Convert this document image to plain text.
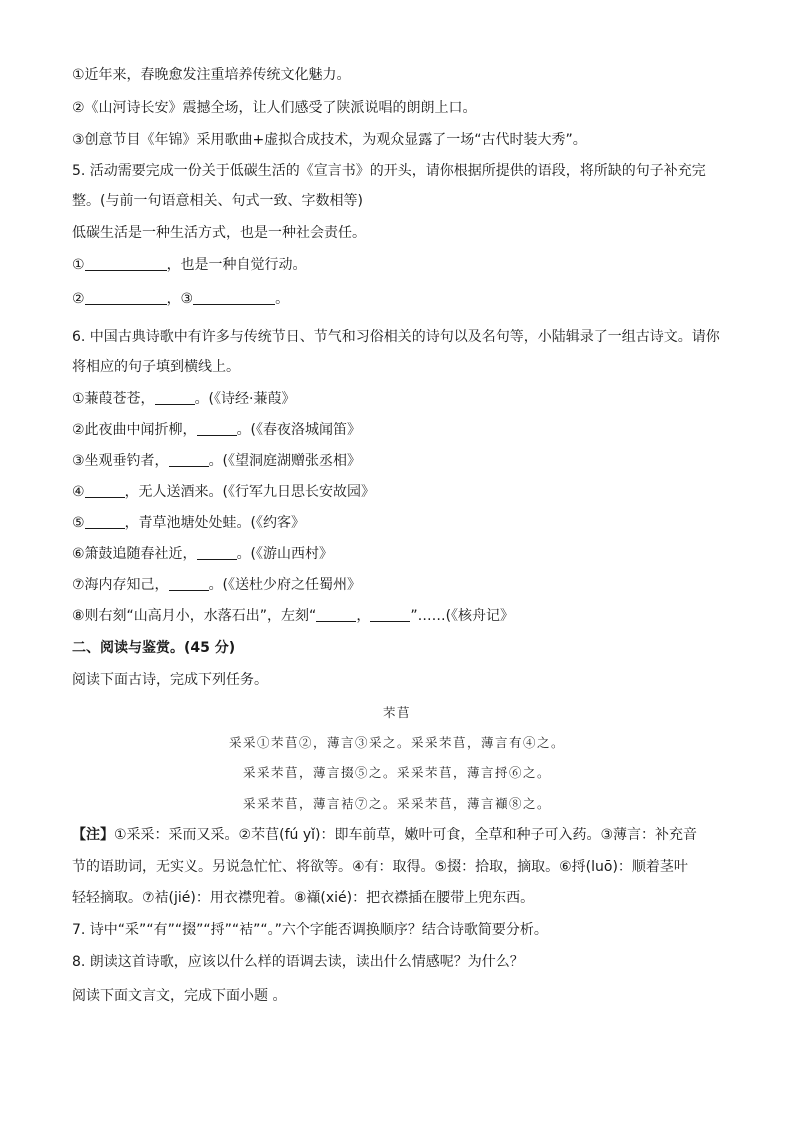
①近年来，春晚愈发注重培养传统文化魅力。
②《山河诗长安》震撼全场，让人们感受了陕派说唱的朗朗上口。
③创意节目《年锦》采用歌曲+虚拟合成技术，为观众显露了一场“古代时装大秀”。
5. 活动需要完成一份关于低碳生活的《宣言书》的开头，请你根据所提供的语段，将所缺的句子补充完
整。(与前一句语意相关、句式一致、字数相等)
低碳生活是一种生活方式，也是一种社会责任。
①	，也是一种自觉行动。
②	，③	。
6. 中国古典诗歌中有许多与传统节日、节气和习俗相关的诗句以及名句等，小陆辑录了一组古诗文。请你
将相应的句子填到横线上。
①蒹葭苍苍，	。(《诗经·蒹葭》
②此夜曲中闻折柳，	。(《春夜洛城闻笛》
③坐观垂钓者，	。(《望洞庭湖赠张丞相》
④	，无人送酒来。(《行军九日思长安故园》
⑤	，青草池塘处处蛙。(《约客》
⑥箫鼓追随春社近，	。(《游山西村》
⑦海内存知己，	。(《送杜少府之任蜀州》
⑧则右刻“山高月小，水落石出”，左刻“	，	”……(《核舟记》
二、阅读与鉴赏。(45 分)
阅读下面古诗，完成下列任务。
芣苢
采采①芣苢②，薄言③采之。采采芣苢，薄言有④之。
采采芣苢，薄言掇⑤之。采采芣苢，薄言捋⑥之。
采采芣苢，薄言袺⑦之。采采芣苢，薄言襭⑧之。
【注】①采采：采而又采。②芣苢(fú yǐ)：即车前草，嫩叶可食，全草和种子可入药。③薄言：补充音
节的语助词，无实义。另说急忙忙、将欲等。④有：取得。⑤掇：拾取，摘取。⑥捋(luō)：顺着茎叶
轻轻摘取。⑦袺(jié)：用衣襟兜着。⑧襭(xié)：把衣襟插在腰带上兜东西。
7. 诗中“采”“有”“掇”“捋”“袺”“。”六个字能否调换顺序？结合诗歌简要分析。
8. 朗读这首诗歌，应该以什么样的语调去读，读出什么情感呢？为什么？
阅读下面文言文，完成下面小题 。
